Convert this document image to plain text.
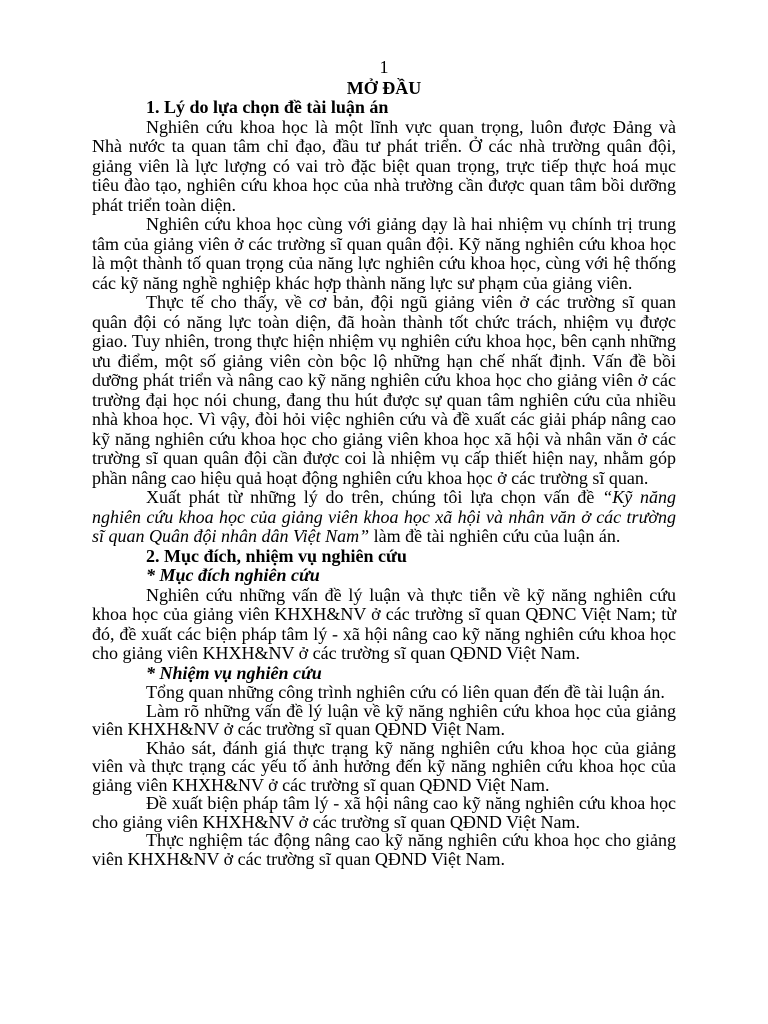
1
MỞ ĐẦU
1. Lý do lựa chọn đề tài luận án

Nghiên cứu khoa học là một lĩnh vực quan trọng, luôn được Đảng và Nhà nước ta quan tâm chỉ đạo, đầu tư phát triển. Ở các nhà trường quân đội, giảng viên là lực lượng có vai trò đặc biệt quan trọng, trực tiếp thực hoá mục tiêu đào tạo, nghiên cứu khoa học của nhà trường cần được quan tâm bồi dưỡng phát triển toàn diện.

Nghiên cứu khoa học cùng với giảng dạy là hai nhiệm vụ chính trị trung tâm của giảng viên ở các trường sĩ quan quân đội. Kỹ năng nghiên cứu khoa học là một thành tố quan trọng của năng lực nghiên cứu khoa học, cùng với hệ thống các kỹ năng nghề nghiệp khác hợp thành năng lực sư phạm của giảng viên.

Thực tế cho thấy, về cơ bản, đội ngũ giảng viên ở các trường sĩ quan quân đội có năng lực toàn diện, đã hoàn thành tốt chức trách, nhiệm vụ được giao. Tuy nhiên, trong thực hiện nhiệm vụ nghiên cứu khoa học, bên cạnh những ưu điểm, một số giảng viên còn bộc lộ những hạn chế nhất định. Vấn đề bồi dưỡng phát triển và nâng cao kỹ năng nghiên cứu khoa học cho giảng viên ở các trường đại học nói chung, đang thu hút được sự quan tâm nghiên cứu của nhiều nhà khoa học. Vì vậy, đòi hỏi việc nghiên cứu và đề xuất các giải pháp nâng cao kỹ năng nghiên cứu khoa học cho giảng viên khoa học xã hội và nhân văn ở các trường sĩ quan quân đội cần được coi là nhiệm vụ cấp thiết hiện nay, nhằm góp phần nâng cao hiệu quả hoạt động nghiên cứu khoa học ở các trường sĩ quan.

Xuất phát từ những lý do trên, chúng tôi lựa chọn vấn đề “Kỹ năng nghiên cứu khoa học của giảng viên khoa học xã hội và nhân văn ở các trường sĩ quan Quân đội nhân dân Việt Nam” làm đề tài nghiên cứu của luận án.

2. Mục đích, nhiệm vụ nghiên cứu
* Mục đích nghiên cứu

Nghiên cứu những vấn đề lý luận và thực tiễn về kỹ năng nghiên cứu khoa học của giảng viên KHXH&NV ở các trường sĩ quan QĐNC Việt Nam; từ đó, đề xuất các biện pháp tâm lý - xã hội nâng cao kỹ năng nghiên cứu khoa học cho giảng viên KHXH&NV ở các trường sĩ quan QĐND Việt Nam.

* Nhiệm vụ nghiên cứu

Tổng quan những công trình nghiên cứu có liên quan đến đề tài luận án.

Làm rõ những vấn đề lý luận về kỹ năng nghiên cứu khoa học của giảng viên KHXH&NV ở các trường sĩ quan QĐND Việt Nam.

Khảo sát, đánh giá thực trạng kỹ năng nghiên cứu khoa học của giảng viên và thực trạng các yếu tố ảnh hưởng đến kỹ năng nghiên cứu khoa học của giảng viên KHXH&NV ở các trường sĩ quan QĐND Việt Nam.

Đề xuất biện pháp tâm lý - xã hội nâng cao kỹ năng nghiên cứu khoa học cho giảng viên KHXH&NV ở các trường sĩ quan QĐND Việt Nam.

Thực nghiệm tác động nâng cao kỹ năng nghiên cứu khoa học cho giảng viên KHXH&NV ở các trường sĩ quan QĐND Việt Nam.
